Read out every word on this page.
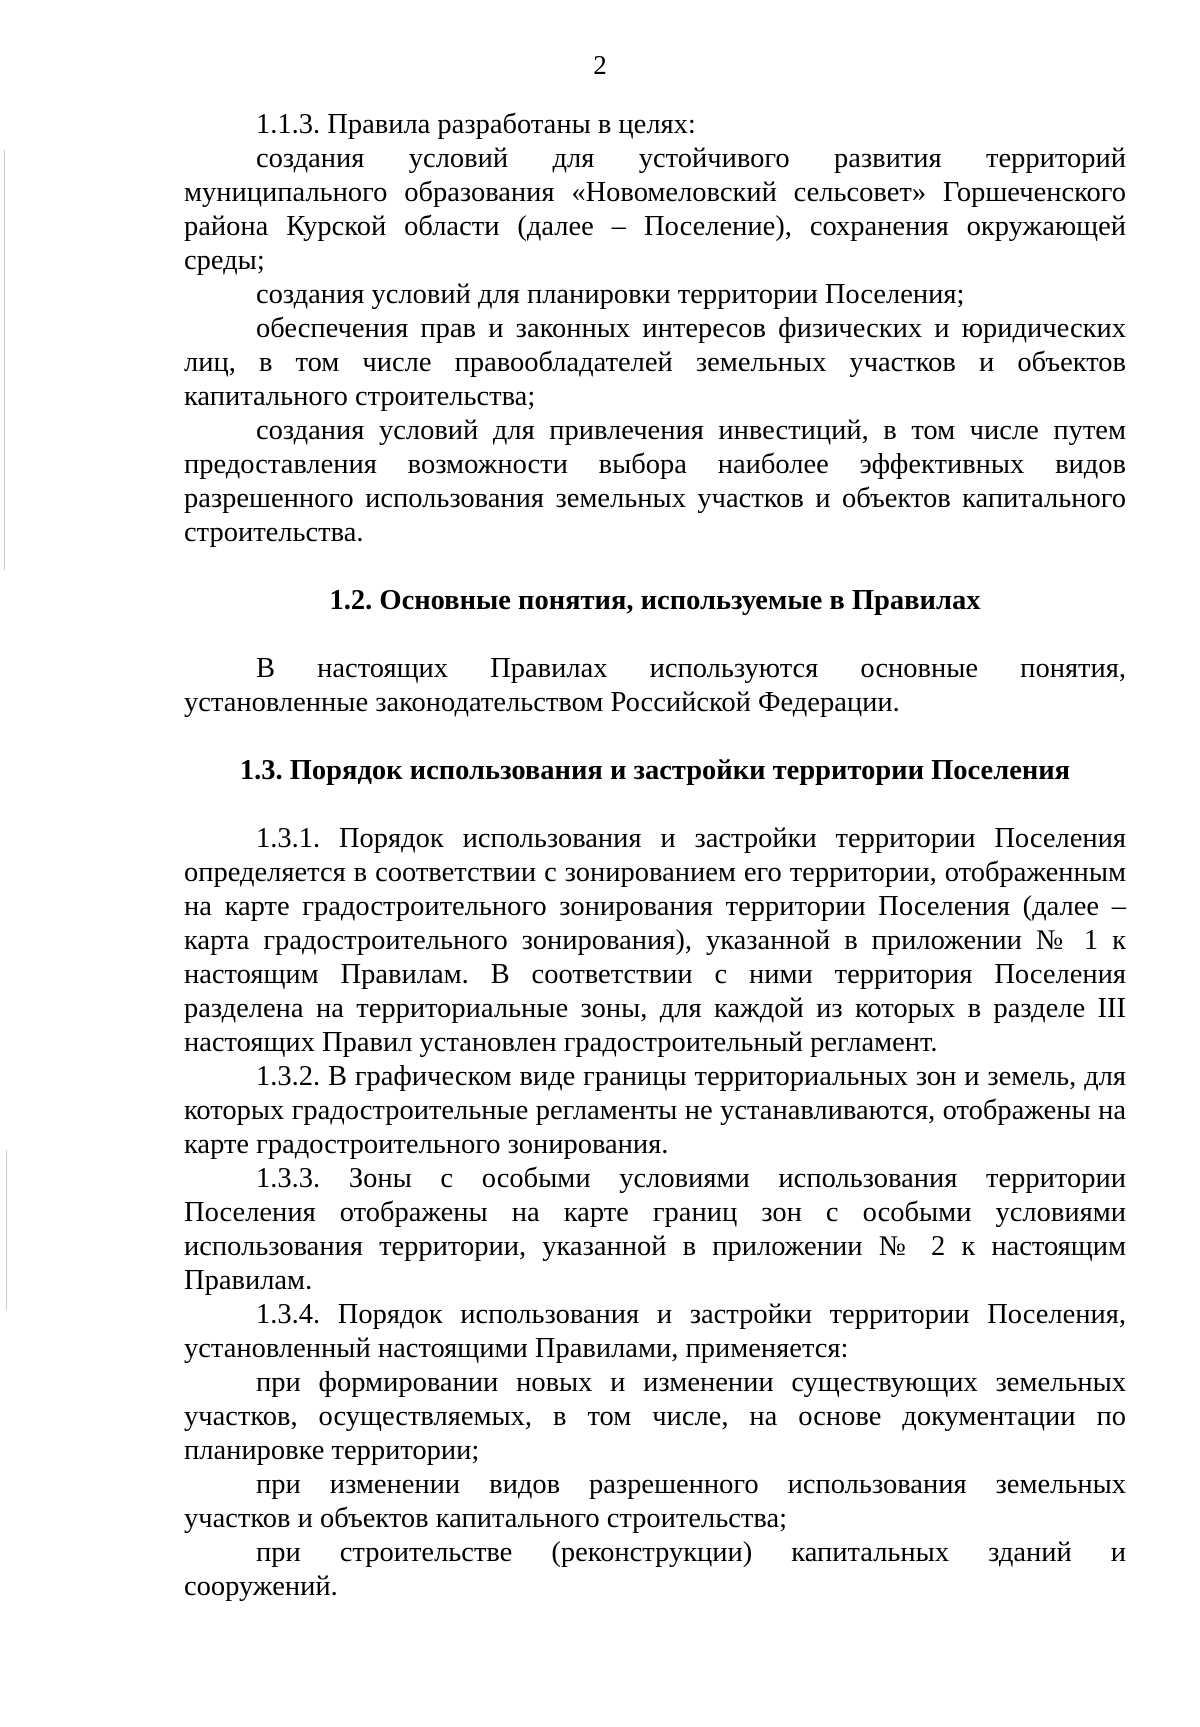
2

1.1.3. Правила разработаны в целях:

создания условий для устойчивого развития территорий муниципального образования «Новомеловский сельсовет» Горшеченского района Курской области (далее – Поселение), сохранения окружающей среды;

создания условий для планировки территории Поселения;

обеспечения прав и законных интересов физических и юридических лиц, в том числе правообладателей земельных участков и объектов капитального строительства;

создания условий для привлечения инвестиций, в том числе путем предоставления возможности выбора наиболее эффективных видов разрешенного использования земельных участков и объектов капитального строительства.

1.2. Основные понятия, используемые в Правилах

В настоящих Правилах используются основные понятия, установленные законодательством Российской Федерации.

1.3. Порядок использования и застройки территории Поселения

1.3.1. Порядок использования и застройки территории Поселения определяется в соответствии с зонированием его территории, отображенным на карте градостроительного зонирования территории Поселения (далее – карта градостроительного зонирования), указанной в приложении № 1 к настоящим Правилам. В соответствии с ними территория Поселения разделена на территориальные зоны, для каждой из которых в разделе III настоящих Правил установлен градостроительный регламент.

1.3.2. В графическом виде границы территориальных зон и земель, для которых градостроительные регламенты не устанавливаются, отображены на карте градостроительного зонирования.

1.3.3. Зоны с особыми условиями использования территории Поселения отображены на карте границ зон с особыми условиями использования территории, указанной в приложении № 2 к настоящим Правилам.

1.3.4. Порядок использования и застройки территории Поселения, установленный настоящими Правилами, применяется:

при формировании новых и изменении существующих земельных участков, осуществляемых, в том числе, на основе документации по планировке территории;

при изменении видов разрешенного использования земельных участков и объектов капитального строительства;

при строительстве (реконструкции) капитальных зданий и сооружений.
